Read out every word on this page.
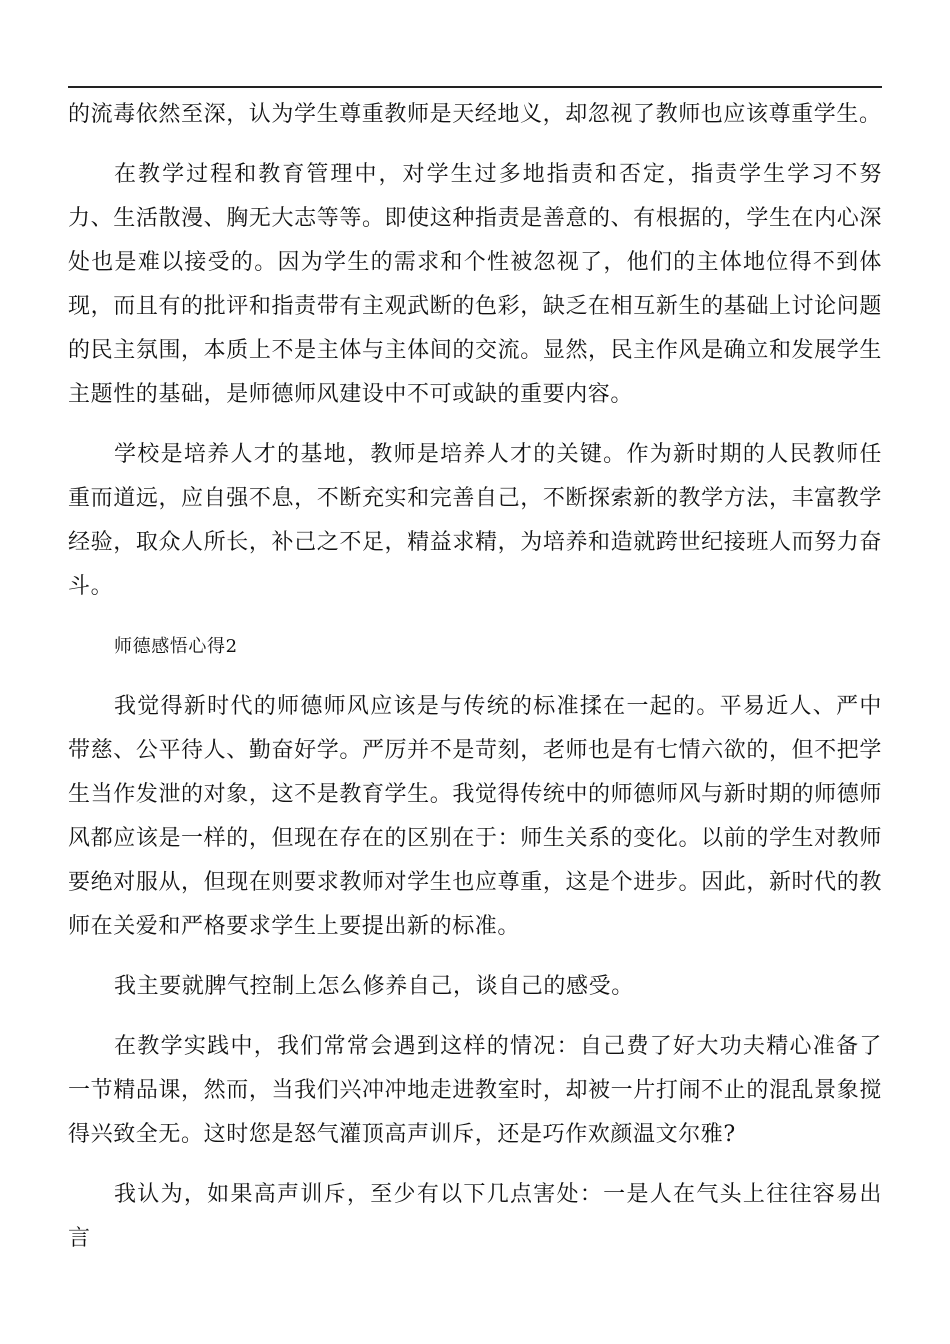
的流毒依然至深，认为学生尊重教师是天经地义，却忽视了教师也应该尊重学生。

在教学过程和教育管理中，对学生过多地指责和否定，指责学生学习不努力、生活散漫、胸无大志等等。即使这种指责是善意的、有根据的，学生在内心深处也是难以接受的。因为学生的需求和个性被忽视了，他们的主体地位得不到体现，而且有的批评和指责带有主观武断的色彩，缺乏在相互新生的基础上讨论问题的民主氛围，本质上不是主体与主体间的交流。显然，民主作风是确立和发展学生主题性的基础，是师德师风建设中不可或缺的重要内容。

学校是培养人才的基地，教师是培养人才的关键。作为新时期的人民教师任重而道远，应自强不息，不断充实和完善自己，不断探索新的教学方法，丰富教学经验，取众人所长，补己之不足，精益求精，为培养和造就跨世纪接班人而努力奋斗。

师德感悟心得2

我觉得新时代的师德师风应该是与传统的标准揉在一起的。平易近人、严中带慈、公平待人、勤奋好学。严厉并不是苛刻，老师也是有七情六欲的，但不把学生当作发泄的对象，这不是教育学生。我觉得传统中的师德师风与新时期的师德师风都应该是一样的，但现在存在的区别在于：师生关系的变化。以前的学生对教师要绝对服从，但现在则要求教师对学生也应尊重，这是个进步。因此，新时代的教师在关爱和严格要求学生上要提出新的标准。

我主要就脾气控制上怎么修养自己，谈自己的感受。

在教学实践中，我们常常会遇到这样的情况：自己费了好大功夫精心准备了一节精品课，然而，当我们兴冲冲地走进教室时，却被一片打闹不止的混乱景象搅得兴致全无。这时您是怒气灌顶高声训斥，还是巧作欢颜温文尔雅?

我认为，如果高声训斥，至少有以下几点害处：一是人在气头上往往容易出言
